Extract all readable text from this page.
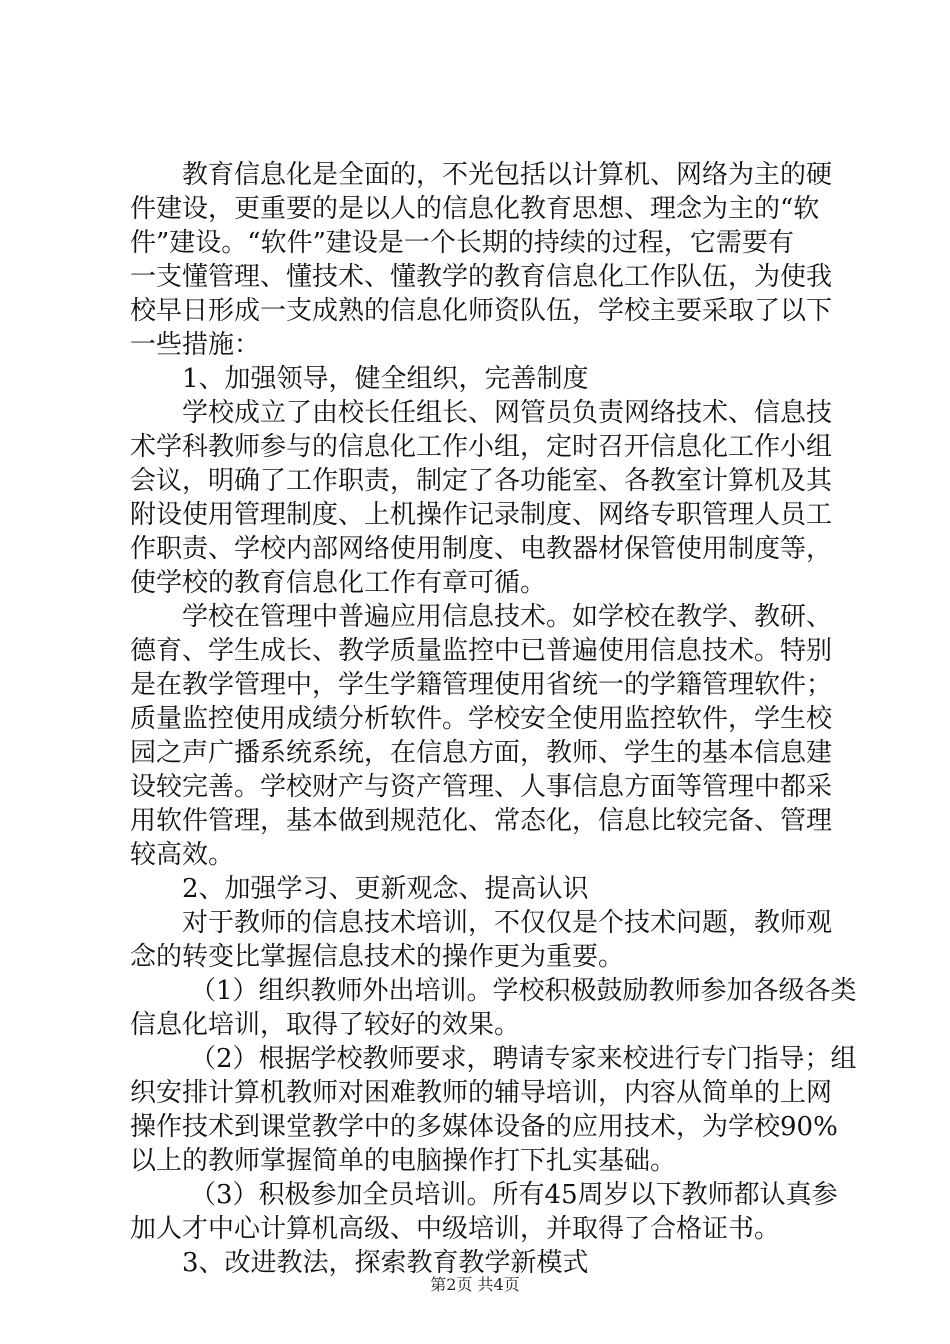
教育信息化是全面的，不光包括以计算机、网络为主的硬
件建设，更重要的是以人的信息化教育思想、理念为主的“软
件”建设。“软件”建设是一个长期的持续的过程，它需要有
一支懂管理、懂技术、懂教学的教育信息化工作队伍，为使我
校早日形成一支成熟的信息化师资队伍，学校主要采取了以下
一些措施：
1、加强领导，健全组织，完善制度
学校成立了由校长任组长、网管员负责网络技术、信息技
术学科教师参与的信息化工作小组，定时召开信息化工作小组
会议，明确了工作职责，制定了各功能室、各教室计算机及其
附设使用管理制度、上机操作记录制度、网络专职管理人员工
作职责、学校内部网络使用制度、电教器材保管使用制度等，
使学校的教育信息化工作有章可循。
学校在管理中普遍应用信息技术。如学校在教学、教研、
德育、学生成长、教学质量监控中已普遍使用信息技术。特别
是在教学管理中，学生学籍管理使用省统一的学籍管理软件；
质量监控使用成绩分析软件。学校安全使用监控软件，学生校
园之声广播系统系统，在信息方面，教师、学生的基本信息建
设较完善。学校财产与资产管理、人事信息方面等管理中都采
用软件管理，基本做到规范化、常态化，信息比较完备、管理
较高效。
2、加强学习、更新观念、提高认识
对于教师的信息技术培训，不仅仅是个技术问题，教师观
念的转变比掌握信息技术的操作更为重要。
（1）组织教师外出培训。学校积极鼓励教师参加各级各类
信息化培训，取得了较好的效果。
（2）根据学校教师要求，聘请专家来校进行专门指导；组
织安排计算机教师对困难教师的辅导培训，内容从简单的上网
操作技术到课堂教学中的多媒体设备的应用技术，为学校90%
以上的教师掌握简单的电脑操作打下扎实基础。
（3）积极参加全员培训。所有45周岁以下教师都认真参
加人才中心计算机高级、中级培训，并取得了合格证书。
3、改进教法，探索教育教学新模式
第2页 共4页
